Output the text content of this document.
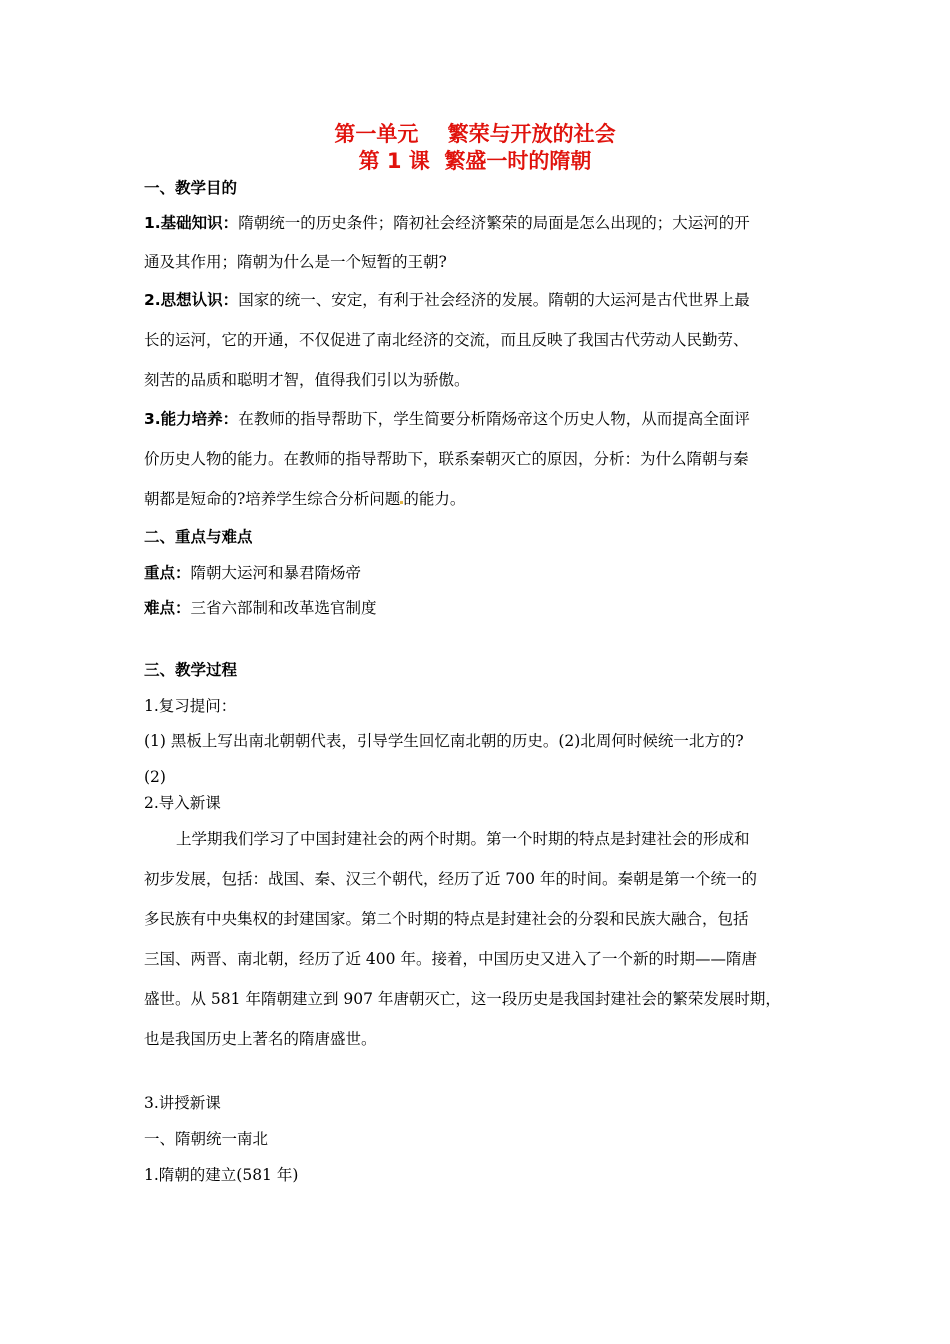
第一单元    繁荣与开放的社会
第 1 课  繁盛一时的隋朝
一、教学目的
1.基础知识：隋朝统一的历史条件；隋初社会经济繁荣的局面是怎么出现的；大运河的开
通及其作用；隋朝为什么是一个短暂的王朝?
2.思想认识：国家的统一、安定，有利于社会经济的发展。隋朝的大运河是古代世界上最
长的运河，它的开通，不仅促进了南北经济的交流，而且反映了我国古代劳动人民勤劳、
刻苦的品质和聪明才智，值得我们引以为骄傲。
3.能力培养：在教师的指导帮助下，学生简要分析隋炀帝这个历史人物，从而提高全面评
价历史人物的能力。在教师的指导帮助下，联系秦朝灭亡的原因，分析：为什么隋朝与秦
朝都是短命的?培养学生综合分析问题 的能力。
二、重点与难点
重点：隋朝大运河和暴君隋炀帝
难点：三省六部制和改革选官制度
三、教学过程
1.复习提问：
(1) 黑板上写出南北朝朝代表，引导学生回忆南北朝的历史。(2)北周何时候统一北方的?
(2)
2.导入新课
上学期我们学习了中国封建社会的两个时期。第一个时期的特点是封建社会的形成和
初步发展，包括：战国、秦、汉三个朝代，经历了近 700 年的时间。秦朝是第一个统一的
多民族有中央集权的封建国家。第二个时期的特点是封建社会的分裂和民族大融合，包括
三国、两晋、南北朝，经历了近 400 年。接着，中国历史又进入了一个新的时期——隋唐
盛世。从 581 年隋朝建立到 907 年唐朝灭亡，这一段历史是我国封建社会的繁荣发展时期，
也是我国历史上著名的隋唐盛世。
3.讲授新课
一、隋朝统一南北
1.隋朝的建立(581 年)
